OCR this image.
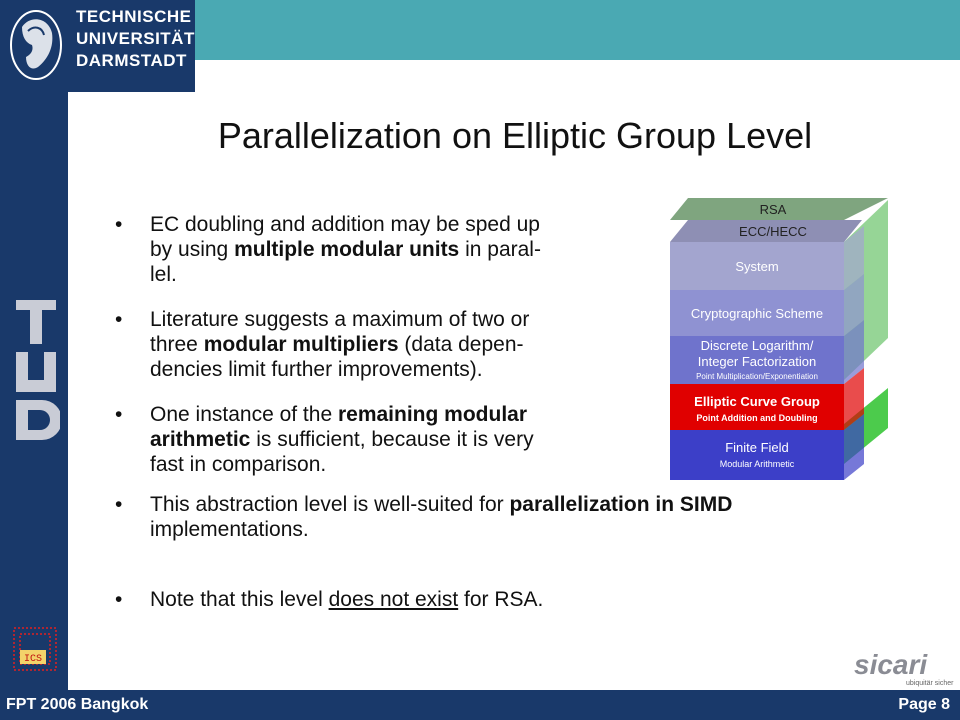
TECHNISCHE
UNIVERSITÄT
DARMSTADT
ICS
Parallelization on Elliptic Group Level
• EC doubling and addition may be sped up
by using multiple modular units in paral-
lel.
• Literature suggests a maximum of two or
three modular multipliers (data depen-
dencies limit further improvements).
• One instance of the remaining modular
arithmetic is sufficient, because it is very
fast in comparison.
• This abstraction level is well-suited for parallelization in SIMD
implementations.
• Note that this level does not exist for RSA.
RSA
ECC/HECC
System
Cryptographic Scheme
Discrete Logarithm/
Integer Factorization
Point Multiplication/Exponentiation
Elliptic Curve Group
Point Addition and Doubling
Finite Field
Modular Arithmetic
sicari
ubiquitär sicher
FPT 2006 Bangkok	Page 8
